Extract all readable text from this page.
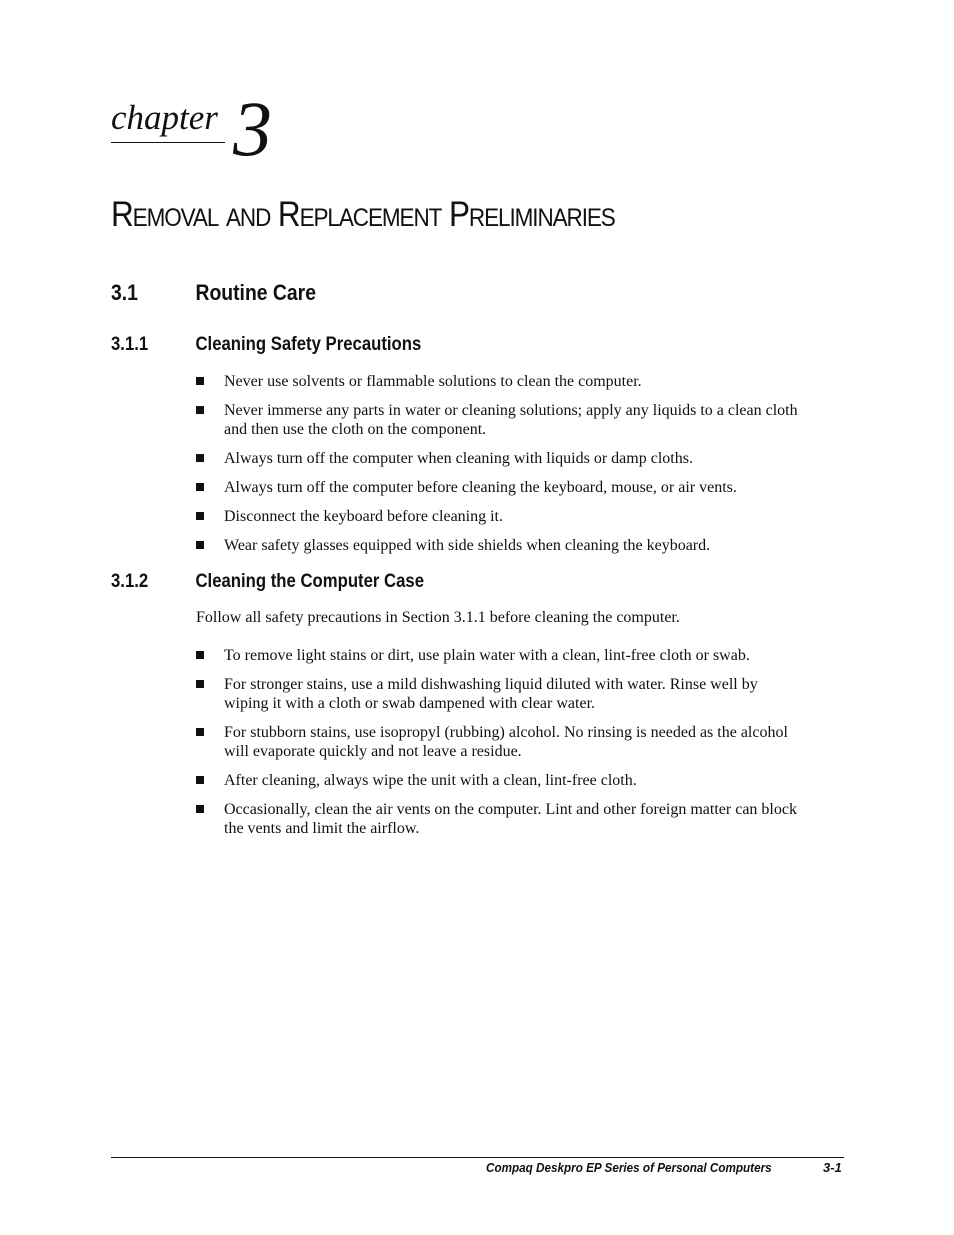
chapter 3

Removal and Replacement Preliminaries
3.1	Routine Care
3.1.1 Cleaning Safety Precautions
Never use solvents or flammable solutions to clean the computer.
Never immerse any parts in water or cleaning solutions; apply any liquids to a clean cloth and then use the cloth on the component.
Always turn off the computer when cleaning with liquids or damp cloths.
Always turn off the computer before cleaning the keyboard, mouse, or air vents.
Disconnect the keyboard before cleaning it.
Wear safety glasses equipped with side shields when cleaning the keyboard.
3.1.2 Cleaning the Computer Case

Follow all safety precautions in Section 3.1.1 before cleaning the computer.

To remove light stains or dirt, use plain water with a clean, lint-free cloth or swab.
For stronger stains, use a mild dishwashing liquid diluted with water. Rinse well by wiping it with a cloth or swab dampened with clear water.
For stubborn stains, use isopropyl (rubbing) alcohol. No rinsing is needed as the alcohol will evaporate quickly and not leave a residue.
After cleaning, always wipe the unit with a clean, lint-free cloth.
Occasionally, clean the air vents on the computer. Lint and other foreign matter can block the vents and limit the airflow.
Compaq Deskpro EP Series of Personal Computers	3-1
